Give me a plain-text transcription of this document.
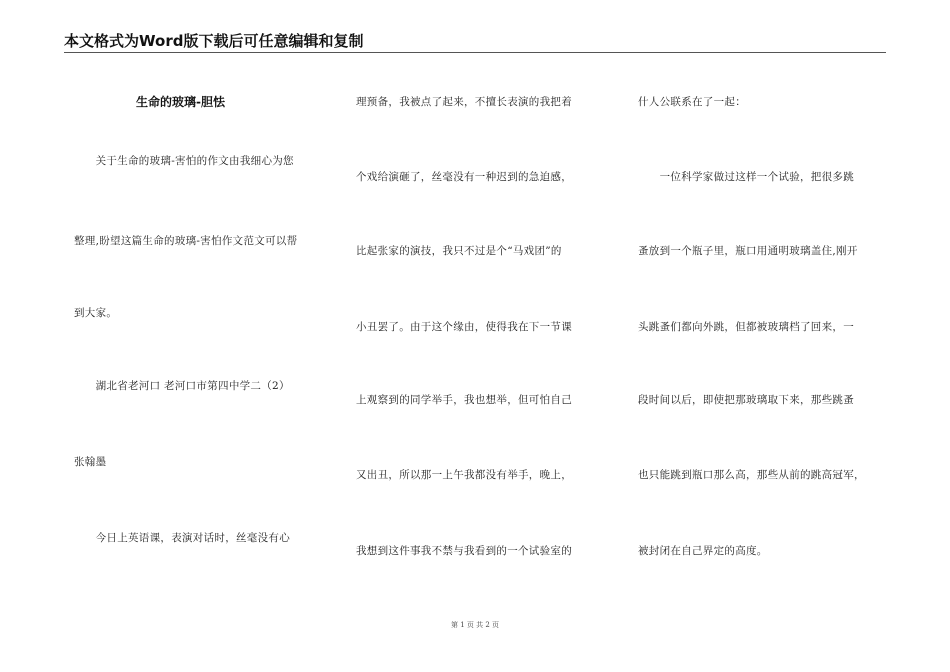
本文格式为Word版下载后可任意编辑和复制
生命的玻璃-胆怯
　　关于生命的玻璃-害怕的作文由我细心为您
整理,盼望这篇生命的玻璃-害怕作文范文可以帮
到大家。
　　湖北省老河口 老河口市第四中学二（2）
张翰墨
　　今日上英语课，表演对话时，丝毫没有心
理预备，我被点了起来，不擅长表演的我把着
个戏给演砸了，丝毫没有一种迟到的急迫感，
比起张家的演技，我只不过是个“马戏团”的
小丑罢了。由于这个缘由，使得我在下一节课
上观察到的同学举手，我也想举，但可怕自己
又出丑，所以那一上午我都没有举手，晚上，
我想到这件事我不禁与我看到的一个试验室的
什人公联系在了一起：
　　一位科学家做过这样一个试验，把很多跳
蚤放到一个瓶子里，瓶口用通明玻璃盖住,刚开
头跳蚤们都向外跳，但都被玻璃档了回来，一
段时间以后，即使把那玻璃取下来，那些跳蚤
也只能跳到瓶口那么高，那些从前的跳高冠军，
被封闭在自己界定的高度。
第 1 页 共 2 页
